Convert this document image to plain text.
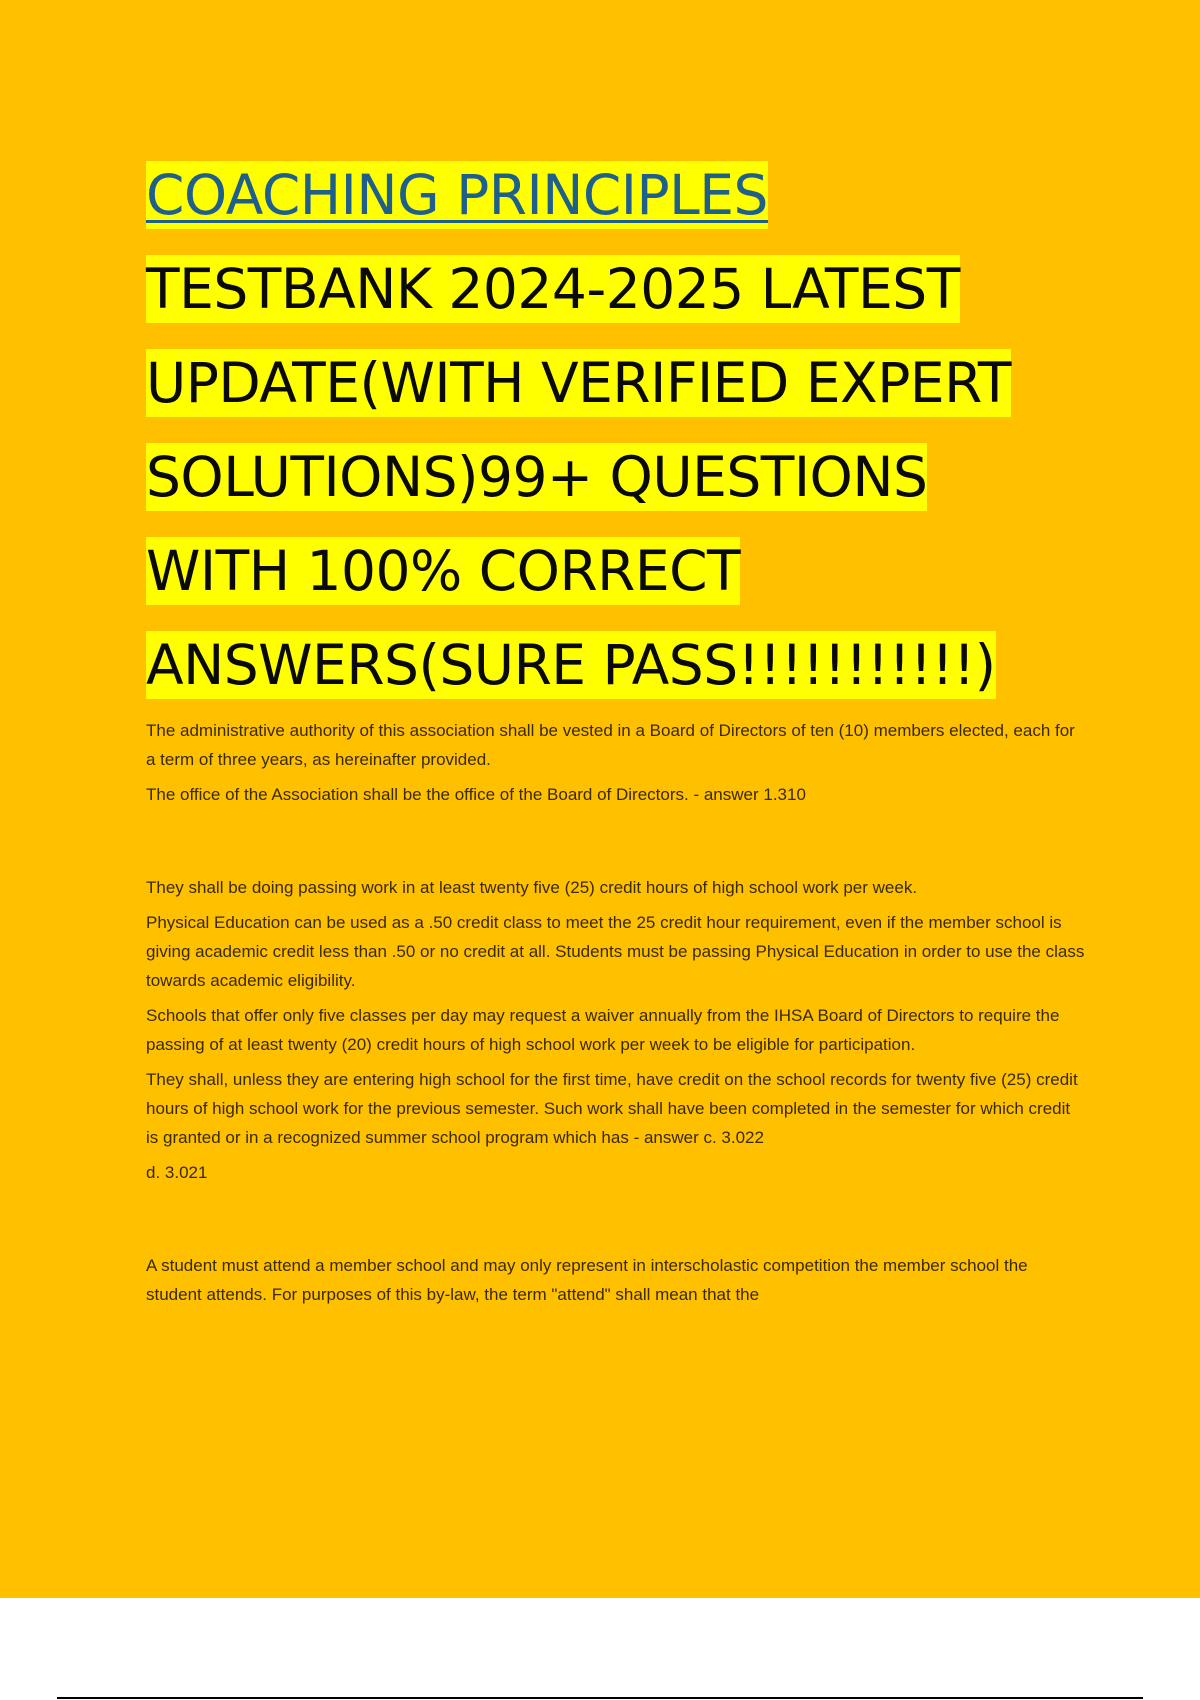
COACHING PRINCIPLES
TESTBANK 2024-2025 LATEST
UPDATE(WITH VERIFIED EXPERT
SOLUTIONS)99+ QUESTIONS
WITH 100% CORRECT
ANSWERS(SURE PASS!!!!!!!!!!!)

The administrative authority of this association shall be vested in a Board of Directors of ten (10) members elected, each for a term of three years, as hereinafter provided.

The office of the Association shall be the office of the Board of Directors. - answer 1.310

They shall be doing passing work in at least twenty five (25) credit hours of high school work per week.

Physical Education can be used as a .50 credit class to meet the 25 credit hour requirement, even if the member school is giving academic credit less than .50 or no credit at all. Students must be passing Physical Education in order to use the class towards academic eligibility.

Schools that offer only five classes per day may request a waiver annually from the IHSA Board of Directors to require the passing of at least twenty (20) credit hours of high school work per week to be eligible for participation.

They shall, unless they are entering high school for the first time, have credit on the school records for twenty five (25) credit hours of high school work for the previous semester. Such work shall have been completed in the semester for which credit is granted or in a recognized summer school program which has - answer c. 3.022

d. 3.021

A student must attend a member school and may only represent in interscholastic competition the member school the student attends. For purposes of this by-law, the term "attend" shall mean that the
